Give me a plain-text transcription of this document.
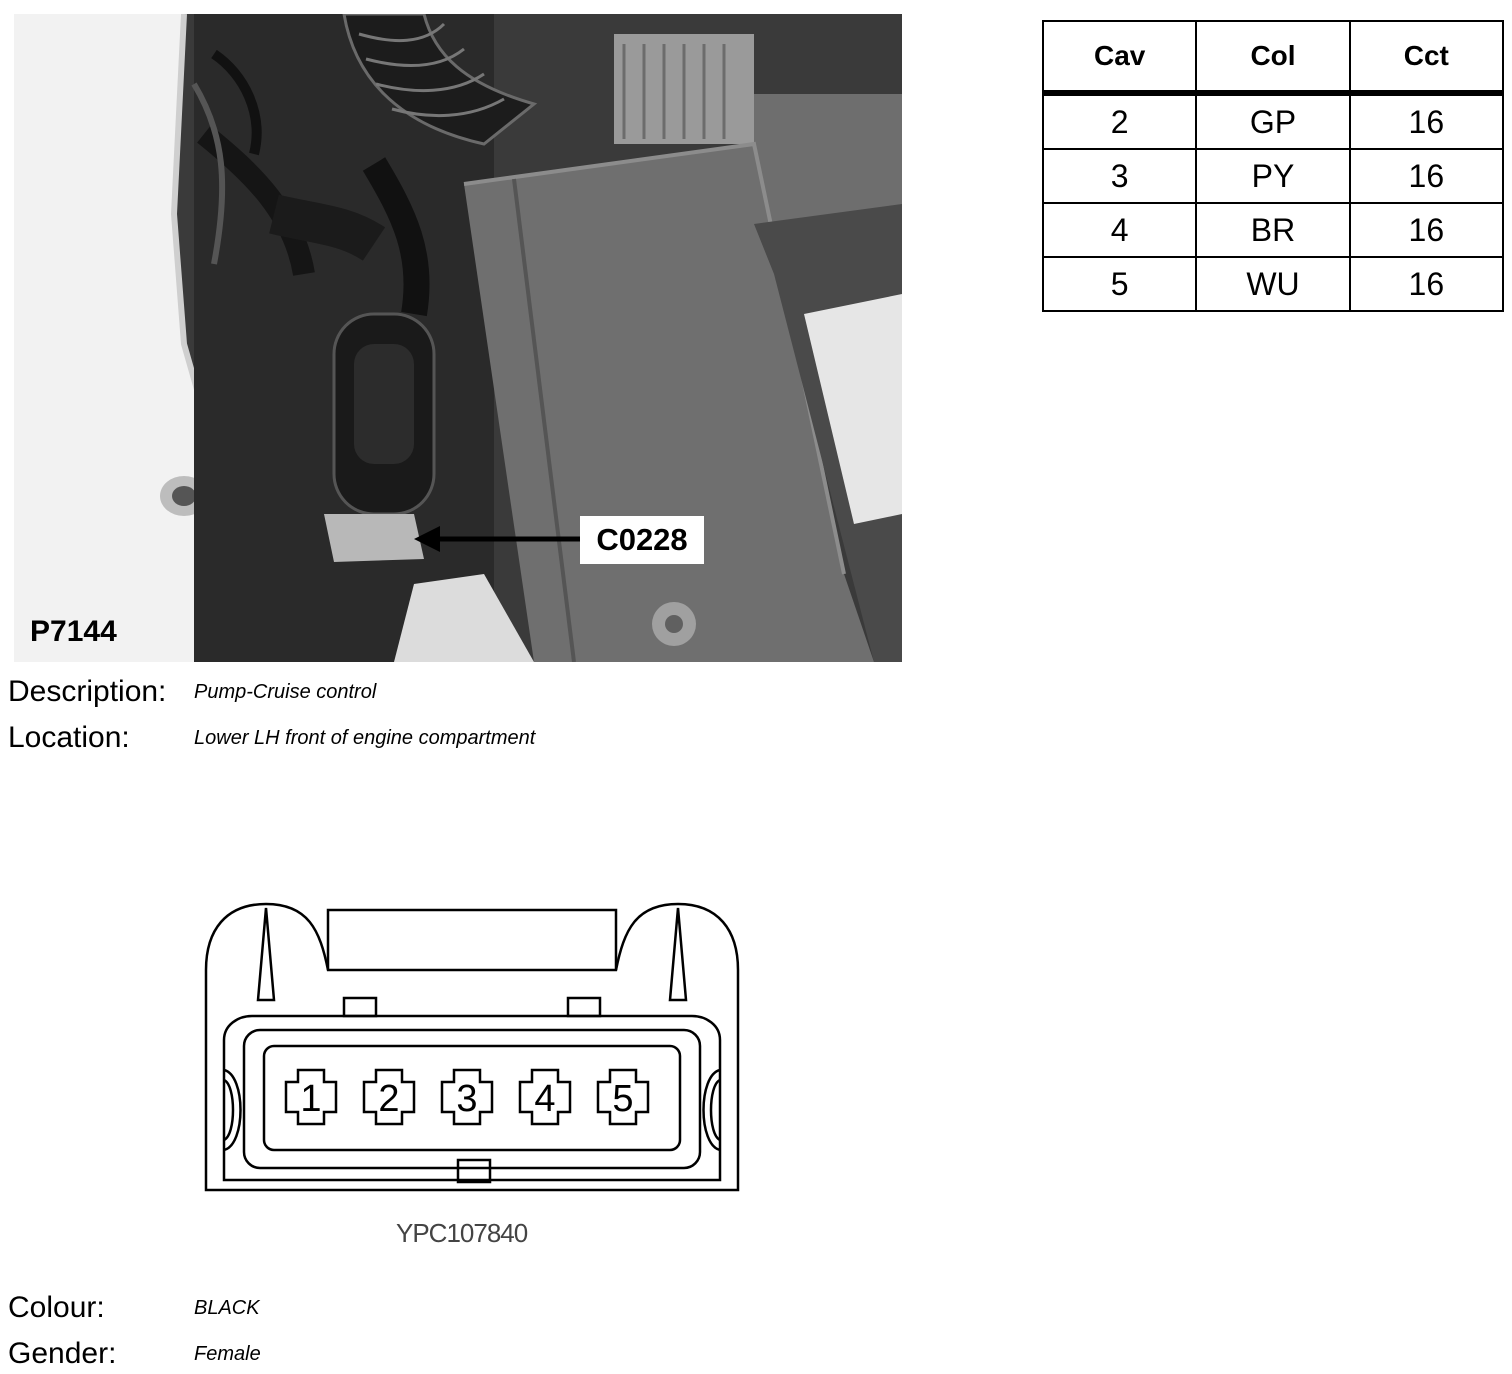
C0228
P7144
Description:	Pump-Cruise control
Location:	Lower LH front of engine compartment
Cav	Col	Cct
2	GP	16
3	PY	16
4	BR	16
5	WU	16
1 2 3 4 5
YPC107840
Colour:	BLACK
Gender:	Female
